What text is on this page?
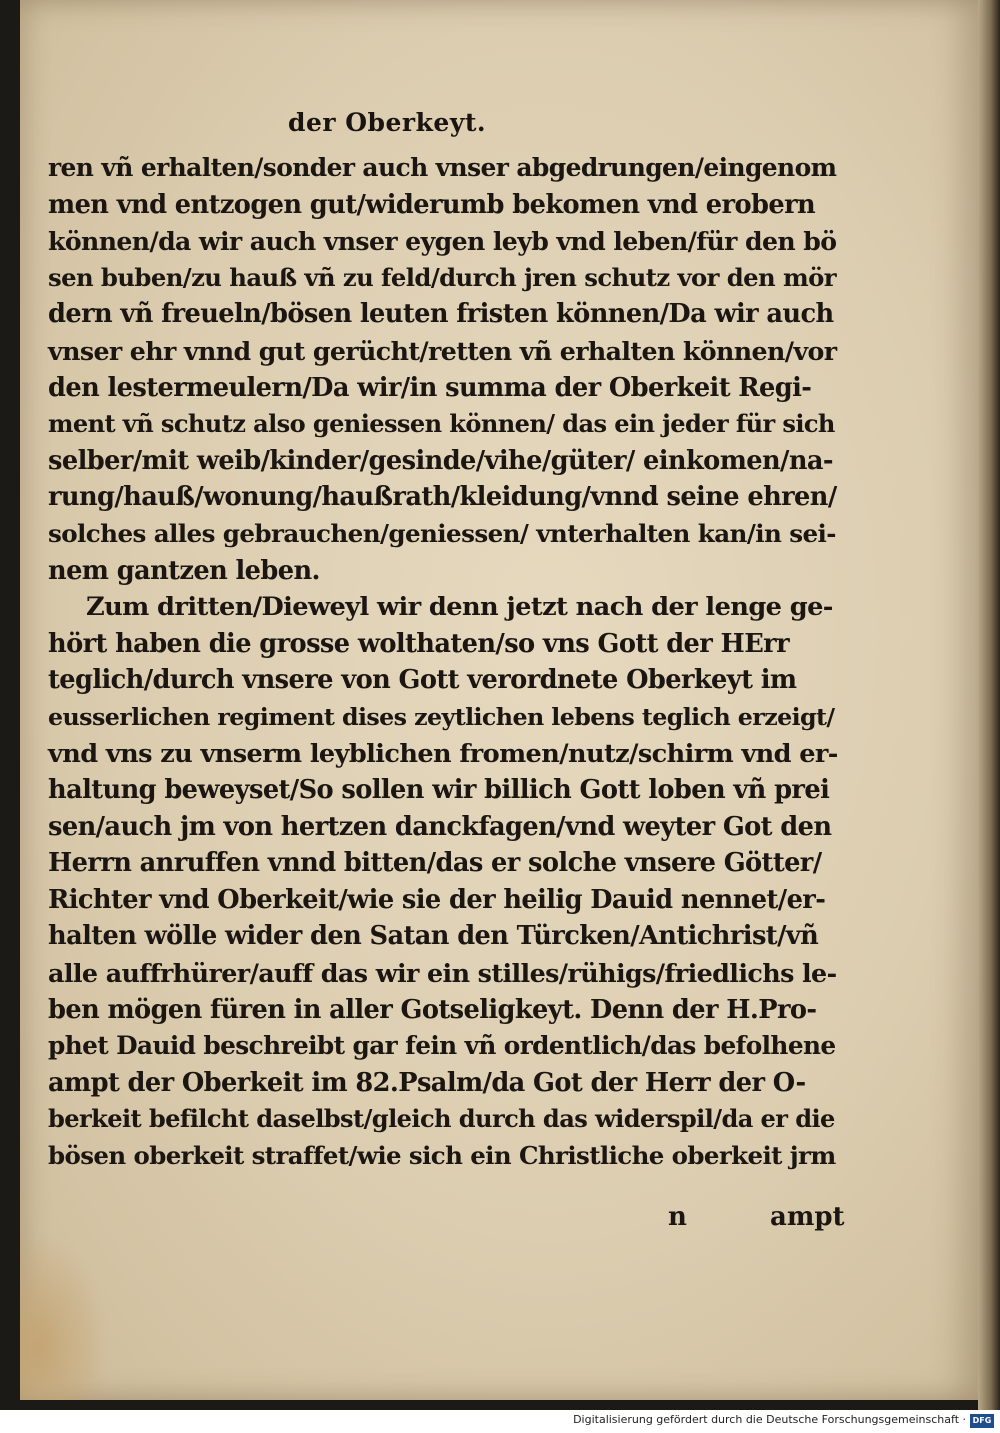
der Oberkeyt.
ren vñ erhalten/sonder auch vnser abgedrungen/eingenom
men vnd entzogen gut/widerumb bekomen vnd erobern
können/da wir auch vnser eygen leyb vnd leben/für den bö
sen buben/zu hauß vñ zu feld/durch jren schutz vor den mör
dern vñ freueln/bösen leuten fristen können/Da wir auch
vnser ehr vnnd gut gerücht/retten vñ erhalten können/vor
den lestermeulern/Da wir/in summa der Oberkeit Regi-
ment vñ schutz also geniessen können/ das ein jeder für sich
selber/mit weib/kinder/gesinde/vihe/güter/ einkomen/na-
rung/hauß/wonung/haußrath/kleidung/vnnd seine ehren/
solches alles gebrauchen/geniessen/ vnterhalten kan/in sei-
nem gantzen leben.
Zum dritten/Dieweyl wir denn jetzt nach der lenge ge-
hört haben die grosse wolthaten/so vns Gott der HErr
teglich/durch vnsere von Gott verordnete Oberkeyt im
eusserlichen regiment dises zeytlichen lebens teglich erzeigt/
vnd vns zu vnserm leyblichen fromen/nutz/schirm vnd er-
haltung beweyset/So sollen wir billich Gott loben vñ prei
sen/auch jm von hertzen danckfagen/vnd weyter Got den
Herrn anruffen vnnd bitten/das er solche vnsere Götter/
Richter vnd Oberkeit/wie sie der heilig Dauid nennet/er-
halten wölle wider den Satan den Türcken/Antichrist/vñ
alle auffrhürer/auff das wir ein stilles/rühigs/friedlichs le-
ben mögen füren in aller Gotseligkeyt. Denn der H.Pro-
phet Dauid beschreibt gar fein vñ ordentlich/das befolhene
ampt der Oberkeit im 82.Psalm/da Got der Herr der O-
berkeit befilcht daselbst/gleich durch das widerspil/da er die
bösen oberkeit straffet/wie sich ein Christliche oberkeit jrm
n	ampt
Digitalisierung gefördert durch die Deutsche Forschungsgemeinschaft · DFG
